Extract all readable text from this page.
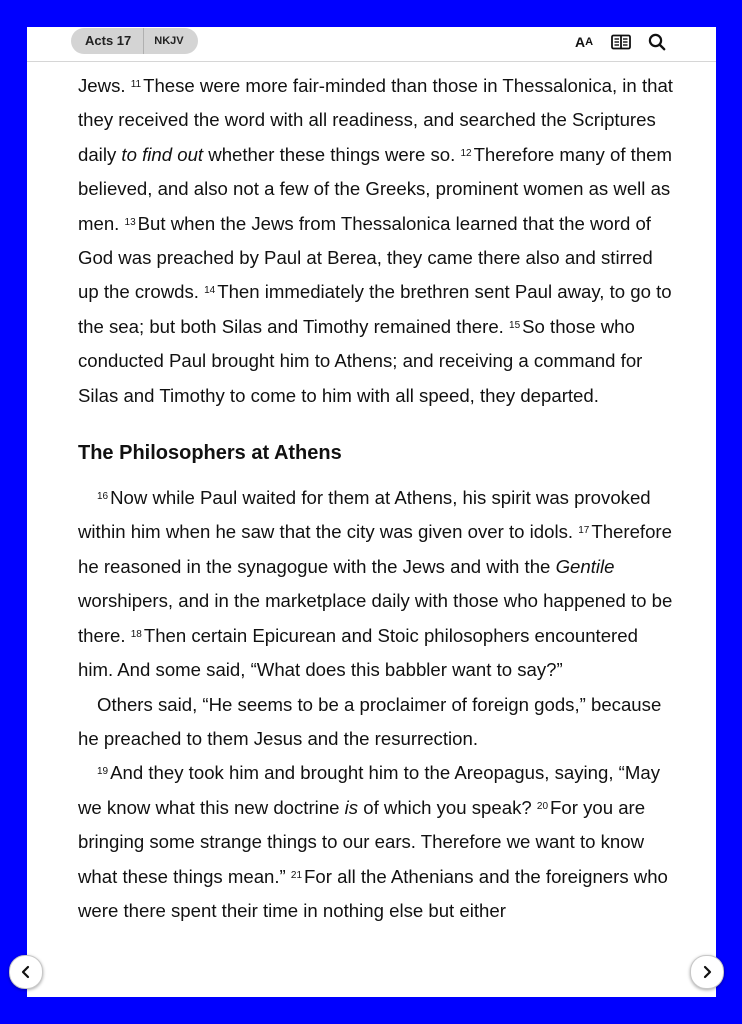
Acts 17	NKJV	A A

Jews. $^{11}$ These were more fair-minded than those in Thessalonica, in that they received the word with all readiness, and searched the Scriptures daily to find out whether these things were so. $^{12}$ Therefore many of them believed, and also not a few of the Greeks, prominent women as well as men. $^{13}$ But when the Jews from Thessalonica learned that the word of God was preached by Paul at Berea, they came there also and stirred up the crowds. $^{14}$ Then immediately the brethren sent Paul away, to go to the sea; but both Silas and Timothy remained there. $^{15}$ So those who conducted Paul brought him to Athens; and receiving a command for Silas and Timothy to come to him with all speed, they departed.

The Philosophers at Athens

$^{16}$ Now while Paul waited for them at Athens, his spirit was provoked within him when he saw that the city was given over to idols. $^{17}$ Therefore he reasoned in the synagogue with the Jews and with the Gentile worshipers, and in the marketplace daily with those who happened to be there. $^{18}$ Then certain Epicurean and Stoic philosophers encountered him. And some said, “What does this babbler want to say?”

Others said, “He seems to be a proclaimer of foreign gods,” because he preached to them Jesus and the resurrection.

$^{19}$ And they took him and brought him to the Areopagus, saying, “May we know what this new doctrine is of which you speak? $^{20}$ For you are bringing some strange things to our ears. Therefore we want to know what these things mean.” $^{21}$ For all the Athenians and the foreigners who were there spent their time in nothing else but either
